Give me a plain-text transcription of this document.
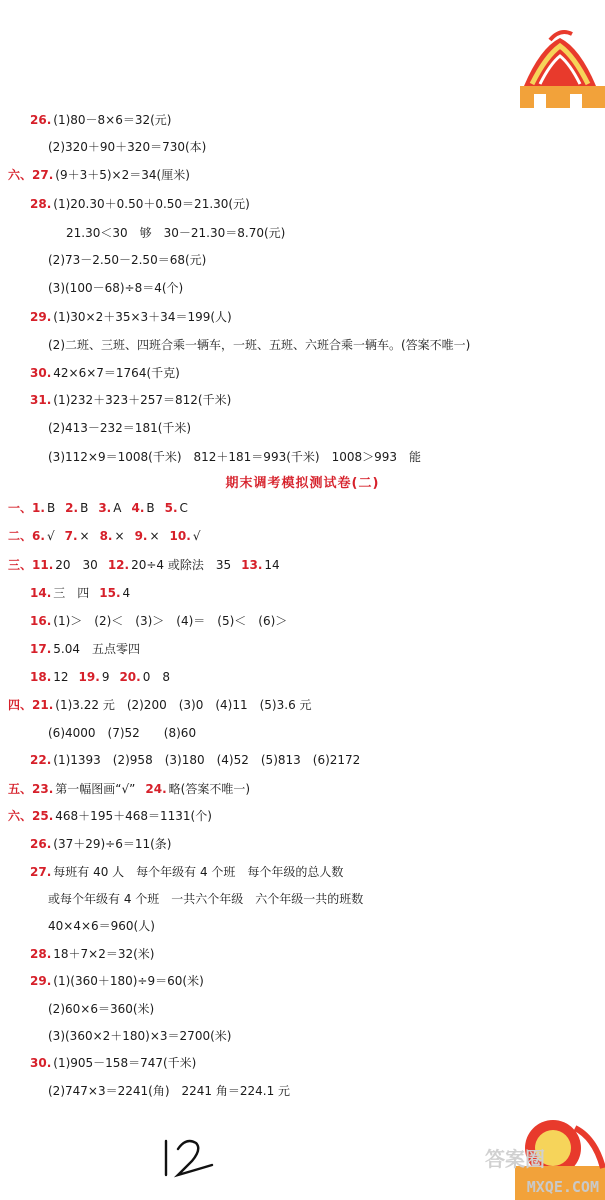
26. (1)80－8×6＝32(元)
(2)320＋90＋320＝730(本)
六、27. (9＋3＋5)×2＝34(厘米)
28. (1)20.30＋0.50＋0.50＝21.30(元)
21.30＜30　够　30－21.30＝8.70(元)
(2)73－2.50－2.50＝68(元)
(3)(100－68)÷8＝4(个)
29. (1)30×2＋35×3＋34＝199(人)
(2)二班、三班、四班合乘一辆车，一班、五班、六班合乘一辆车。(答案不唯一)
30. 42×6×7＝1764(千克)
31. (1)232＋323＋257＝812(千米)
(2)413－232＝181(千米)
(3)112×9＝1008(千米)　812＋181＝993(千米)　1008＞993　能
一、1. B 2. B 3. A 4. B 5. C
二、6. √ 7. × 8. × 9. × 10. √
三、11. 20　30 12. 20÷4 或除法　35 13. 14
14. 三　四 15. 4
16. (1)＞　(2)＜　(3)＞　(4)＝　(5)＜　(6)＞
17. 5.04　五点零四
18. 12 19. 9 20. 0　8
四、21. (1)3.22 元　(2)200　(3)0　(4)11　(5)3.6 元
(6)4000　(7)52　　(8)60
22. (1)1393　(2)958　(3)180　(4)52　(5)813　(6)2172
五、23. 第一幅图画“√” 24. 略(答案不唯一)
六、25. 468＋195＋468＝1131(个)
26. (37＋29)÷6＝11(条)
27. 每班有 40 人　每个年级有 4 个班　每个年级的总人数
或每个年级有 4 个班　一共六个年级　六个年级一共的班数
40×4×6＝960(人)
28. 18＋7×2＝32(米)
29. (1)(360＋180)÷9＝60(米)
(2)60×6＝360(米)
(3)(360×2＋180)×3＝2700(米)
30. (1)905－158＝747(千米)
(2)747×3＝2241(角)　2241 角＝224.1 元
期末调考模拟测试卷(二)
答案圈
MXQE.COM
